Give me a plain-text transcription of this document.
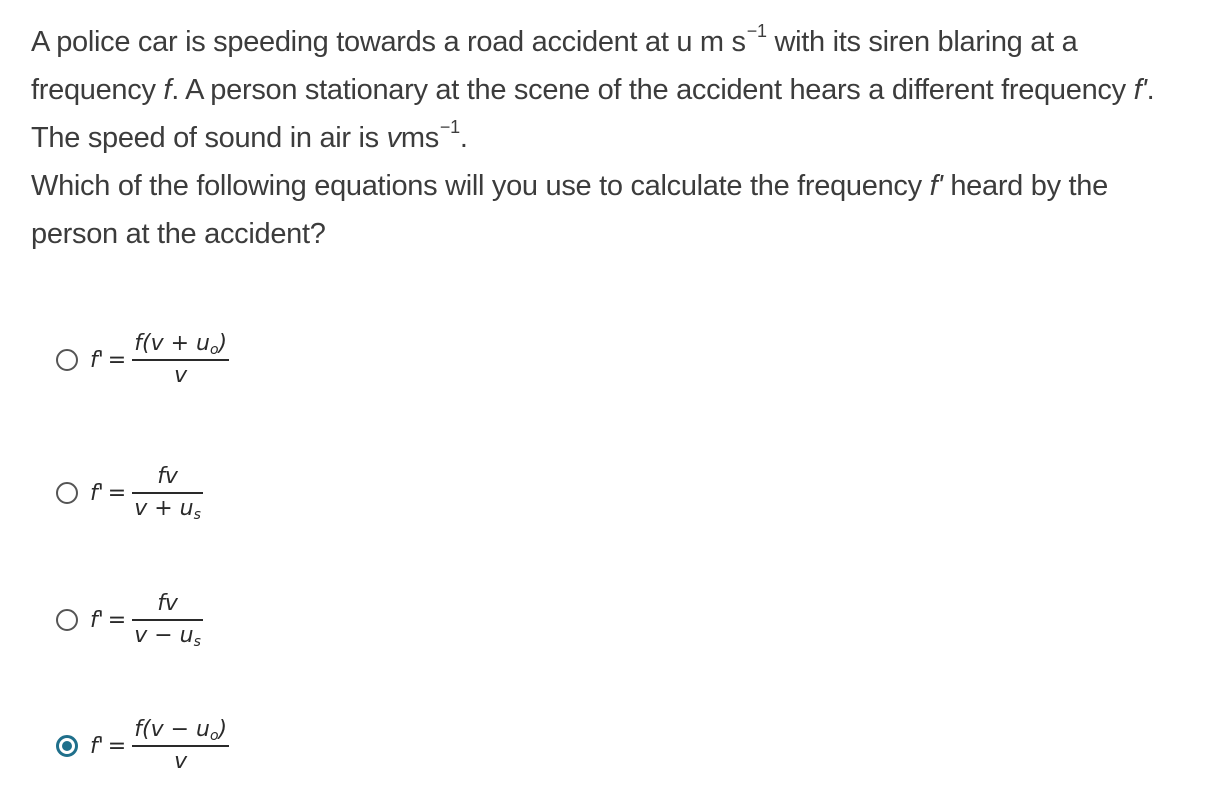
A police car is speeding towards a road accident at u m $s^{-1}$ with its siren blaring at a frequency f. A person stationary at the scene of the accident hears a different frequency f'. The speed of sound in air is vms$^{-1}$.

Which of the following equations will you use to calculate the frequency f' heard by the person at the accident?

$f' = \frac{f(v + u_o)}{v}$
$f' = \frac{fv}{v + u_s}$
$f' = \frac{fv}{v - u_s}$
$f' = \frac{f(v - u_o)}{v}$
